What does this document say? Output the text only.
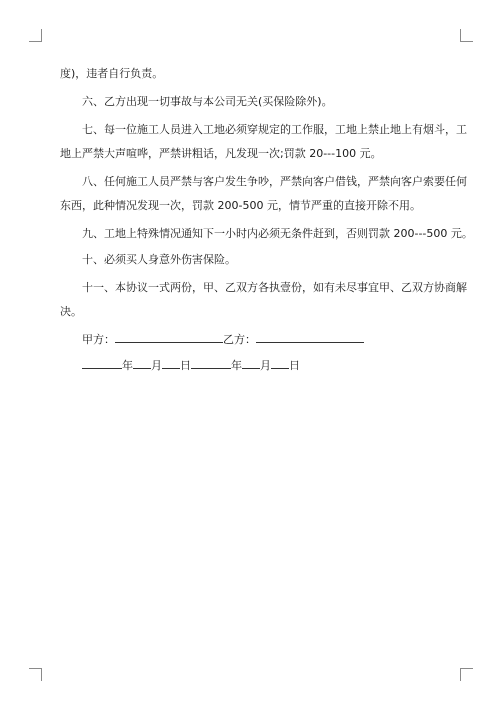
度)，违者自行负责。
六、乙方出现一切事故与本公司无关(买保险除外)。
七、每一位施工人员进入工地必须穿规定的工作服，工地上禁止地上有烟斗，工
地上严禁大声喧哗，严禁讲粗话，凡发现一次;罚款 20---100 元。
八、任何施工人员严禁与客户发生争吵，严禁向客户借钱，严禁向客户索要任何
东西，此种情况发现一次，罚款 200-500 元，情节严重的直接开除不用。
九、工地上特殊情况通知下一小时内必须无条件赶到，否则罚款 200---500 元。
十、必须买人身意外伤害保险。
十一、本协议一式两份，甲、乙双方各执壹份，如有未尽事宜甲、乙双方协商解
决。
甲方：	乙方：
年 月 日	年 月 日
